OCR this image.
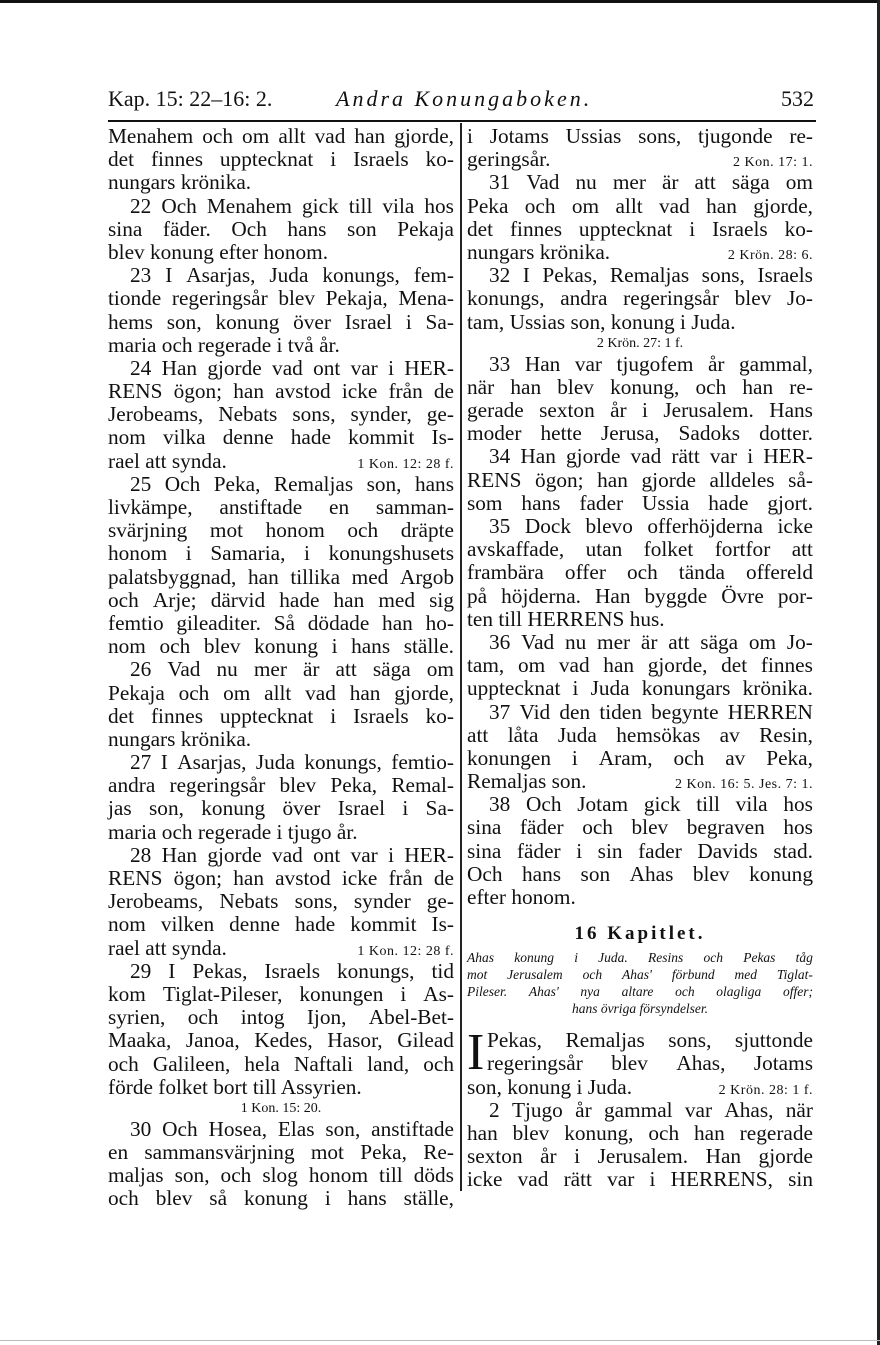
Kap. 15: 22–16: 2.	Andra Konungaboken.	532
Menahem och om allt vad han gjorde,
det finnes upptecknat i Israels ko-
nungars krönika.
22 Och Menahem gick till vila hos
sina fäder. Och hans son Pekaja
blev konung efter honom.
23 I Asarjas, Juda konungs, fem-
tionde regeringsår blev Pekaja, Mena-
hems son, konung över Israel i Sa-
maria och regerade i två år.
24 Han gjorde vad ont var i HER-
RENS ögon; han avstod icke från de
Jerobeams, Nebats sons, synder, ge-
nom vilka denne hade kommit Is-
rael att synda.	1 Kon. 12: 28 f.
25 Och Peka, Remaljas son, hans
livkämpe, anstiftade en samman-
svärjning mot honom och dräpte
honom i Samaria, i konungshusets
palatsbyggnad, han tillika med Argob
och Arje; därvid hade han med sig
femtio gileaditer. Så dödade han ho-
nom och blev konung i hans ställe.
26 Vad nu mer är att säga om
Pekaja och om allt vad han gjorde,
det finnes upptecknat i Israels ko-
nungars krönika.
27 I Asarjas, Juda konungs, femtio-
andra regeringsår blev Peka, Remal-
jas son, konung över Israel i Sa-
maria och regerade i tjugo år.
28 Han gjorde vad ont var i HER-
RENS ögon; han avstod icke från de
Jerobeams, Nebats sons, synder ge-
nom vilken denne hade kommit Is-
rael att synda.	1 Kon. 12: 28 f.
29 I Pekas, Israels konungs, tid
kom Tiglat-Pileser, konungen i As-
syrien, och intog Ijon, Abel-Bet-
Maaka, Janoa, Kedes, Hasor, Gilead
och Galileen, hela Naftali land, och
förde folket bort till Assyrien.
1 Kon. 15: 20.
30 Och Hosea, Elas son, anstiftade
en sammansvärjning mot Peka, Re-
maljas son, och slog honom till döds
och blev så konung i hans ställe,
i Jotams Ussias sons, tjugonde re-
geringsår.	2 Kon. 17: 1.
31 Vad nu mer är att säga om
Peka och om allt vad han gjorde,
det finnes upptecknat i Israels ko-
nungars krönika.	2 Krön. 28: 6.
32 I Pekas, Remaljas sons, Israels
konungs, andra regeringsår blev Jo-
tam, Ussias son, konung i Juda.
2 Krön. 27: 1 f.
33 Han var tjugofem år gammal,
när han blev konung, och han re-
gerade sexton år i Jerusalem. Hans
moder hette Jerusa, Sadoks dotter.
34 Han gjorde vad rätt var i HER-
RENS ögon; han gjorde alldeles så-
som hans fader Ussia hade gjort.
35 Dock blevo offerhöjderna icke
avskaffade, utan folket fortfor att
frambära offer och tända offereld
på höjderna. Han byggde Övre por-
ten till HERRENS hus.
36 Vad nu mer är att säga om Jo-
tam, om vad han gjorde, det finnes
upptecknat i Juda konungars krönika.
37 Vid den tiden begynte HERREN
att låta Juda hemsökas av Resin,
konungen i Aram, och av Peka,
Remaljas son.	2 Kon. 16: 5. Jes. 7: 1.
38 Och Jotam gick till vila hos
sina fäder och blev begraven hos
sina fäder i sin fader Davids stad.
Och hans son Ahas blev konung
efter honom.
16 Kapitlet.
Ahas konung i Juda. Resins och Pekas tåg
mot Jerusalem och Ahas' förbund med Tiglat-
Pileser. Ahas' nya altare och olagliga offer;
hans övriga försyndelser.
I Pekas, Remaljas sons, sjuttonde
regeringsår blev Ahas, Jotams
son, konung i Juda.	2 Krön. 28: 1 f.
2 Tjugo år gammal var Ahas, när
han blev konung, och han regerade
sexton år i Jerusalem. Han gjorde
icke vad rätt var i HERRENS, sin
